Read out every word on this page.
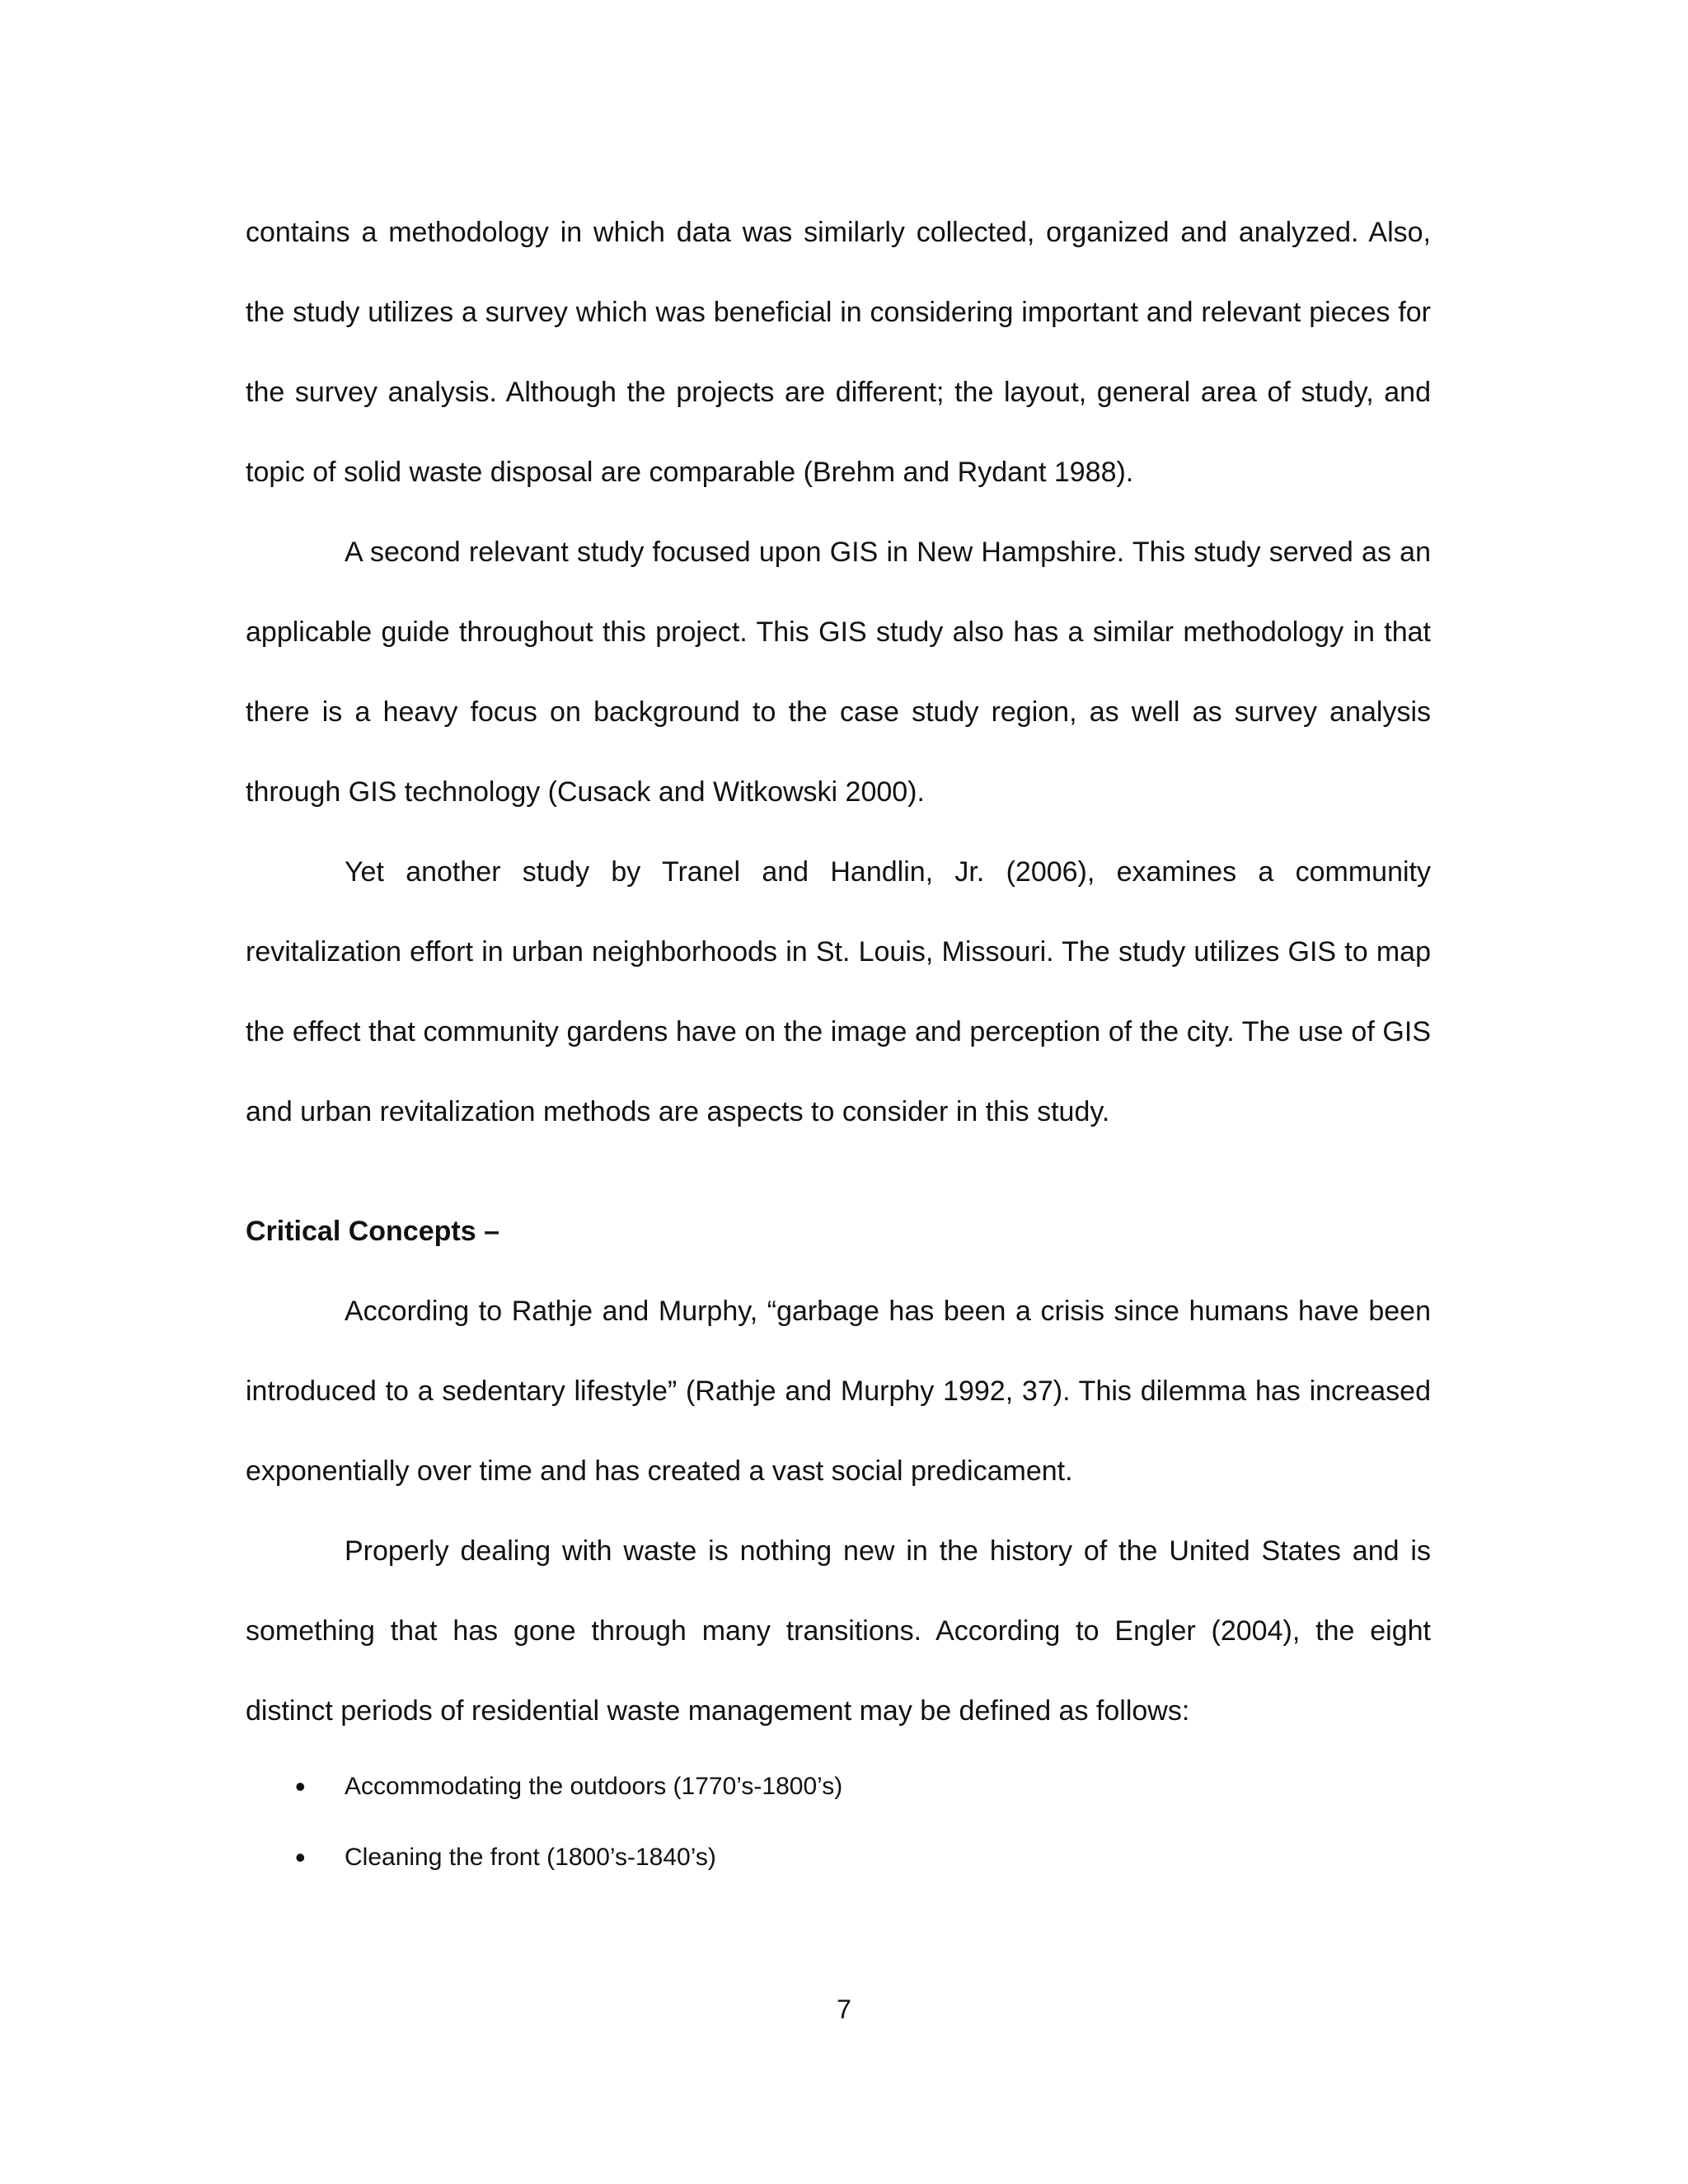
contains a methodology in which data was similarly collected, organized and analyzed. Also, the study utilizes a survey which was beneficial in considering important and relevant pieces for the survey analysis. Although the projects are different; the layout, general area of study, and topic of solid waste disposal are comparable (Brehm and Rydant 1988).

A second relevant study focused upon GIS in New Hampshire. This study served as an applicable guide throughout this project. This GIS study also has a similar methodology in that there is a heavy focus on background to the case study region, as well as survey analysis through GIS technology (Cusack and Witkowski 2000).

Yet another study by Tranel and Handlin, Jr. (2006), examines a community revitalization effort in urban neighborhoods in St. Louis, Missouri. The study utilizes GIS to map the effect that community gardens have on the image and perception of the city. The use of GIS and urban revitalization methods are aspects to consider in this study.

Critical Concepts –

According to Rathje and Murphy, “garbage has been a crisis since humans have been introduced to a sedentary lifestyle” (Rathje and Murphy 1992, 37). This dilemma has increased exponentially over time and has created a vast social predicament.

Properly dealing with waste is nothing new in the history of the United States and is something that has gone through many transitions. According to Engler (2004), the eight distinct periods of residential waste management may be defined as follows:

• Accommodating the outdoors (1770’s-1800’s)
• Cleaning the front (1800’s-1840’s)
7
